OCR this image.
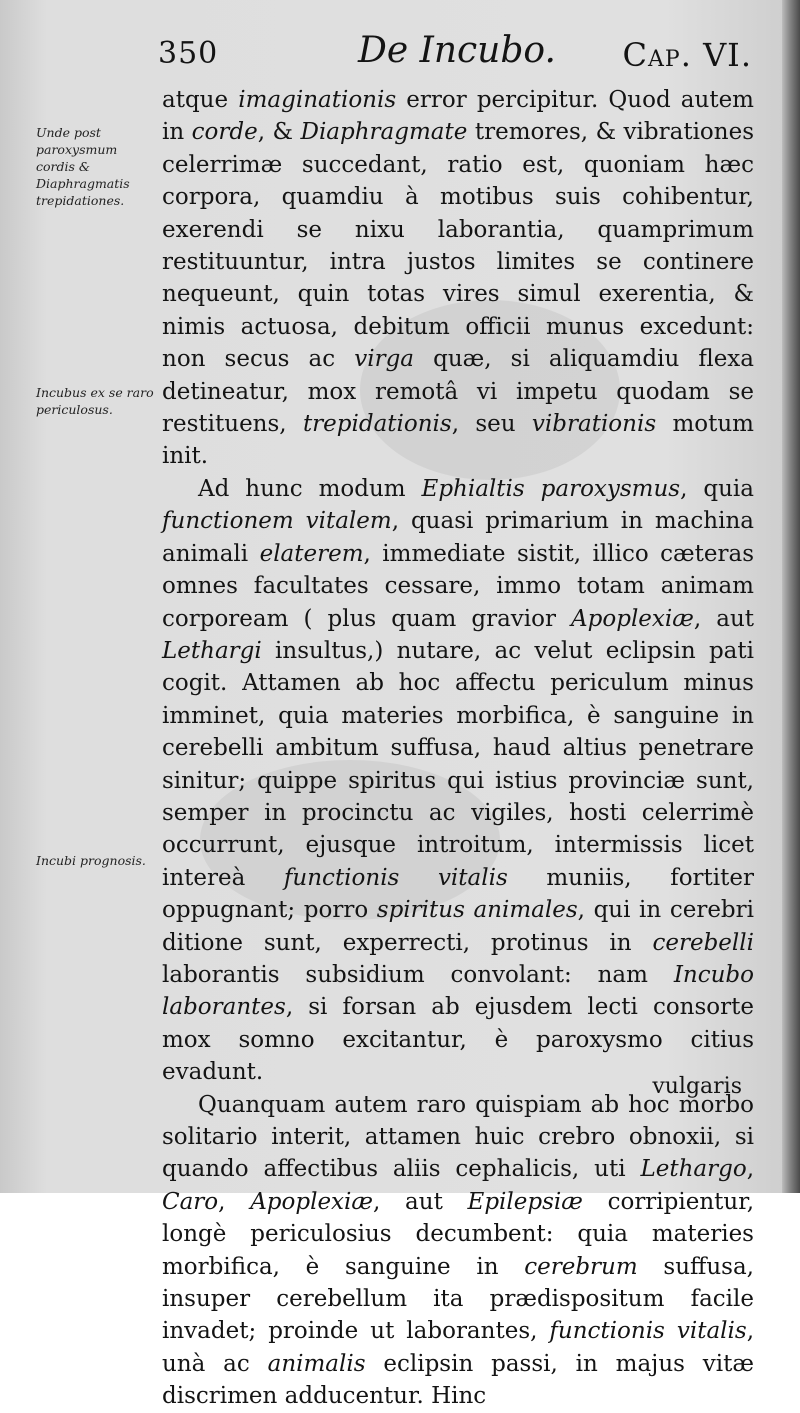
350	De Incubo. Cap. VI.
Unde post paroxysmum cordis & Diaphragmatis trepidationes.
Incubus ex se raro periculosus.
Incubi prognosis.

atque imaginationis error percipitur. Quod autem in corde, & Diaphragmate tremores, & vibrationes celerrimæ succedant, ratio est, quoniam hæc corpora, quamdiu à motibus suis cohibentur, exerendi se nixu laborantia, quamprimum restituuntur, intra justos limites se continere nequeunt, quin totas vires simul exerentia, & nimis actuosa, debitum officii munus excedunt: non secus ac virga quæ, si aliquamdiu flexa detineatur, mox remotâ vi impetu quodam se restituens, trepidationis, seu vibrationis motum init.

Ad hunc modum Ephialtis paroxysmus, quia functionem vitalem, quasi primarium in machina animali elaterem, immediate sistit, illico cæteras omnes facultates cessare, immo totam animam corpoream ( plus quam gravior Apoplexiæ, aut Lethargi insultus,) nutare, ac velut eclipsin pati cogit. Attamen ab hoc affectu periculum minus imminet, quia materies morbifica, è sanguine in cerebelli ambitum suffusa, haud altius penetrare sinitur; quippe spiritus qui istius provinciæ sunt, semper in procinctu ac vigiles, hosti celerrimè occurrunt, ejusque introitum, intermissis licet intereà functionis vitalis muniis, fortiter oppugnant; porro spiritus animales, qui in cerebri ditione sunt, experrecti, protinus in cerebelli laborantis subsidium convolant: nam Incubo laborantes, si forsan ab ejusdem lecti consorte mox somno excitantur, è paroxysmo citius evadunt.

Quanquam autem raro quispiam ab hoc morbo solitario interit, attamen huic crebro obnoxii, si quando affectibus aliis cephalicis, uti Lethargo, Caro, Apoplexiæ, aut Epilepsiæ corripientur, longè periculosius decumbent: quia materies morbifica, è sanguine in cerebrum suffusa, insuper cerebellum ita prædispositum facile invadet; proinde ut laborantes, functionis vitalis, unà ac animalis eclipsin passi, in majus vitæ discrimen adducentur. Hinc

vulgaris
